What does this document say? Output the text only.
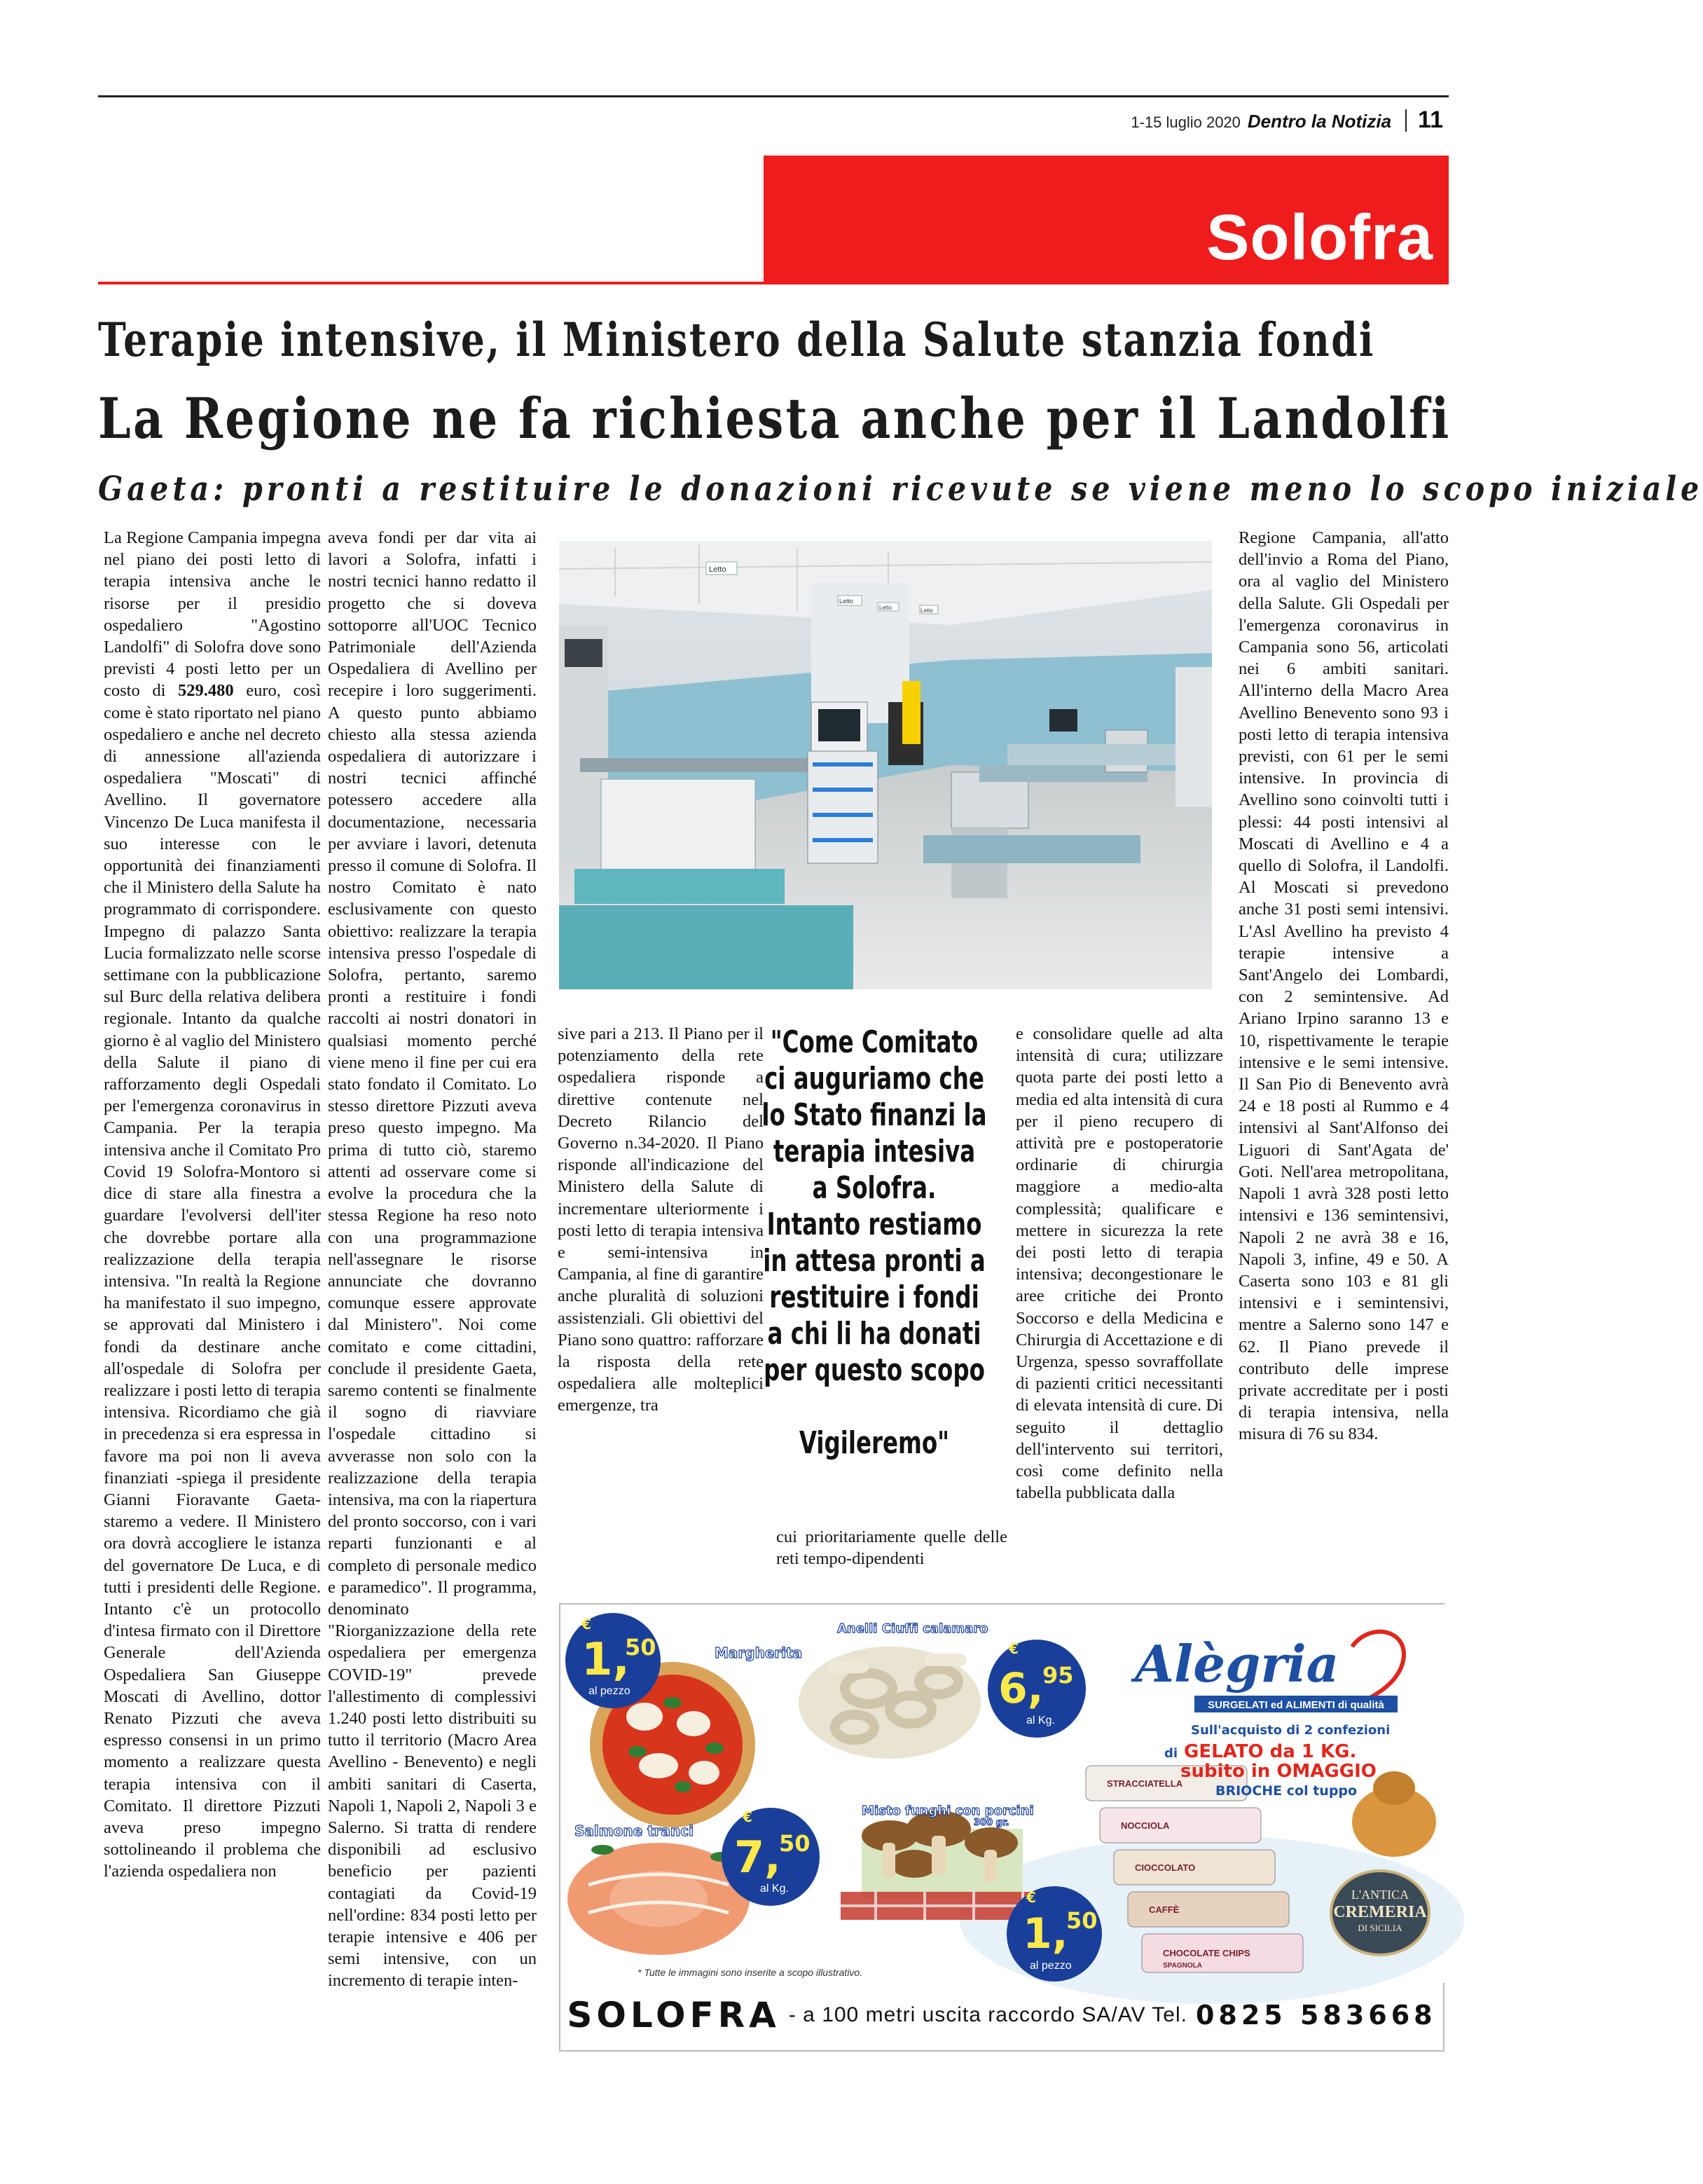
1-15 luglio 2020 Dentro la Notizia 11
Solofra
Terapie intensive, il Ministero della Salute stanzia fondi
La Regione ne fa richiesta anche per il Landolfi
Gaeta: pronti a restituire le donazioni ricevute se viene meno lo scopo iniziale
La Regione Campania impegna nel piano dei posti letto di terapia intensiva anche le risorse per il presidio ospedaliero "Agostino Landolfi" di Solofra dove sono previsti 4 posti letto per un costo di 529.480 euro, così come è stato riportato nel piano ospedaliero e anche nel decreto di annessione all'azienda ospedaliera "Moscati" di Avellino. Il governatore Vincenzo De Luca manifesta il suo interesse con le opportunità dei finanziamenti che il Ministero della Salute ha programmato di corrispondere. Impegno di palazzo Santa Lucia formalizzato nelle scorse settimane con la pubblicazione sul Burc della relativa delibera regionale. Intanto da qualche giorno è al vaglio del Ministero della Salute il piano di rafforzamento degli Ospedali per l'emergenza coronavirus in Campania. Per la terapia intensiva anche il Comitato Pro Covid 19 Solofra-Montoro si dice di stare alla finestra a guardare l'evolversi dell'iter che dovrebbe portare alla realizzazione della terapia intensiva. "In realtà la Regione ha manifestato il suo impegno, se approvati dal Ministero i fondi da destinare anche all'ospedale di Solofra per realizzare i posti letto di terapia intensiva. Ricordiamo che già in precedenza si era espressa in favore ma poi non li aveva finanziati -spiega il presidente Gianni Fioravante Gaeta- staremo a vedere. Il Ministero ora dovrà accogliere le istanza del governatore De Luca, e di tutti i presidenti delle Regione. Intanto c'è un protocollo d'intesa firmato con il Direttore Generale dell'Azienda Ospedaliera San Giuseppe Moscati di Avellino, dottor Renato Pizzuti che aveva espresso consensi in un primo momento a realizzare questa terapia intensiva con il Comitato. Il direttore Pizzuti aveva preso impegno sottolineando il problema che l'azienda ospedaliera non
aveva fondi per dar vita ai lavori a Solofra, infatti i nostri tecnici hanno redatto il progetto che si doveva sottoporre all'UOC Tecnico Patrimoniale dell'Azienda Ospedaliera di Avellino per recepire i loro suggerimenti. A questo punto abbiamo chiesto alla stessa azienda ospedaliera di autorizzare i nostri tecnici affinché potessero accedere alla documentazione, necessaria per avviare i lavori, detenuta presso il comune di Solofra. Il nostro Comitato è nato esclusivamente con questo obiettivo: realizzare la terapia intensiva presso l'ospedale di Solofra, pertanto, saremo pronti a restituire i fondi raccolti ai nostri donatori in qualsiasi momento perché viene meno il fine per cui era stato fondato il Comitato. Lo stesso direttore Pizzuti aveva preso questo impegno. Ma prima di tutto ciò, staremo attenti ad osservare come si evolve la procedura che la stessa Regione ha reso noto con una programmazione nell'assegnare le risorse annunciate che dovranno comunque essere approvate dal Ministero". Noi come comitato e come cittadini, conclude il presidente Gaeta, saremo contenti se finalmente il sogno di riavviare l'ospedale cittadino si avverasse non solo con la realizzazione della terapia intensiva, ma con la riapertura del pronto soccorso, con i vari reparti funzionanti e al completo di personale medico e paramedico". Il programma, denominato "Riorganizzazione della rete ospedaliera per emergenza COVID-19" prevede l'allestimento di complessivi 1.240 posti letto distribuiti su tutto il territorio (Macro Area Avellino - Benevento) e negli ambiti sanitari di Caserta, Napoli 1, Napoli 2, Napoli 3 e Salerno. Si tratta di rendere disponibili ad esclusivo beneficio per pazienti contagiati da Covid-19 nell'ordine: 834 posti letto per terapie intensive e 406 per semi intensive, con un incremento di terapie inten-
sive pari a 213. Il Piano per il potenziamento della rete ospedaliera risponde a direttive contenute nel Decreto Rilancio del Governo n.34-2020. Il Piano risponde all'indicazione del Ministero della Salute di incrementare ulteriormente i posti letto di terapia intensiva e semi-intensiva in Campania, al fine di garantire anche pluralità di soluzioni assistenziali. Gli obiettivi del Piano sono quattro: rafforzare la risposta della rete ospedaliera alle molteplici emergenze, tra
cui prioritariamente quelle delle reti tempo-dipendenti
e consolidare quelle ad alta intensità di cura; utilizzare quota parte dei posti letto a media ed alta intensità di cura per il pieno recupero di attività pre e postoperatorie ordinarie di chirurgia maggiore a medio-alta complessità; qualificare e mettere in sicurezza la rete dei posti letto di terapia intensiva; decongestionare le aree critiche dei Pronto Soccorso e della Medicina e Chirurgia di Accettazione e di Urgenza, spesso sovraffollate di pazienti critici necessitanti di elevata intensità di cure. Di seguito il dettaglio dell'intervento sui territori, così come definito nella tabella pubblicata dalla
Regione Campania, all'atto dell'invio a Roma del Piano, ora al vaglio del Ministero della Salute. Gli Ospedali per l'emergenza coronavirus in Campania sono 56, articolati nei 6 ambiti sanitari. All'interno della Macro Area Avellino Benevento sono 93 i posti letto di terapia intensiva previsti, con 61 per le semi intensive. In provincia di Avellino sono coinvolti tutti i plessi: 44 posti intensivi al Moscati di Avellino e 4 a quello di Solofra, il Landolfi. Al Moscati si prevedono anche 31 posti semi intensivi. L'Asl Avellino ha previsto 4 terapie intensive a Sant'Angelo dei Lombardi, con 2 semintensive. Ad Ariano Irpino saranno 13 e 10, rispettivamente le terapie intensive e le semi intensive. Il San Pio di Benevento avrà 24 e 18 posti al Rummo e 4 intensivi al Sant'Alfonso dei Liguori di Sant'Agata de' Goti. Nell'area metropolitana, Napoli 1 avrà 328 posti letto intensivi e 136 semintensivi, Napoli 2 ne avrà 38 e 16, Napoli 3, infine, 49 e 50. A Caserta sono 103 e 81 gli intensivi e i semintensivi, mentre a Salerno sono 147 e 62. Il Piano prevede il contributo delle imprese private accreditate per i posti di terapia intensiva, nella misura di 76 su 834.

"Come Comitato ci auguriamo che lo Stato finanzi la terapia intesiva a Solofra. Intanto restiamo in attesa pronti a restituire i fondi a chi li ha donati per questo scopo

Vigileremo"

Letto
Letto
Letto	Letto
STRACCIATELLA
NOCCIOLA
CIOCCOLATO
CAFFÈ
CHOCOLATE CHIPS
SPAGNOLA
L'ANTICA
CREMERIA
DI SICILIA
Alègria
SURGELATI ed ALIMENTI di qualità
Sull'acquisto di 2 confezioni
di GELATO da 1 KG.
subito in OMAGGIO
BRIOCHE col tuppo
Margherita
Anelli Ciuffi calamaro
Salmone tranci
Misto funghi con porcini
300 gr.
€
1,
50
al pezzo
€
6,
95
al Kg.
€
7,
50
al Kg.
€
1,
50
al pezzo
* Tutte le immagini sono inserite a scopo illustrativo.
SOLOFRA - a 100 metri uscita raccordo SA/AV Tel. 0825 583668
